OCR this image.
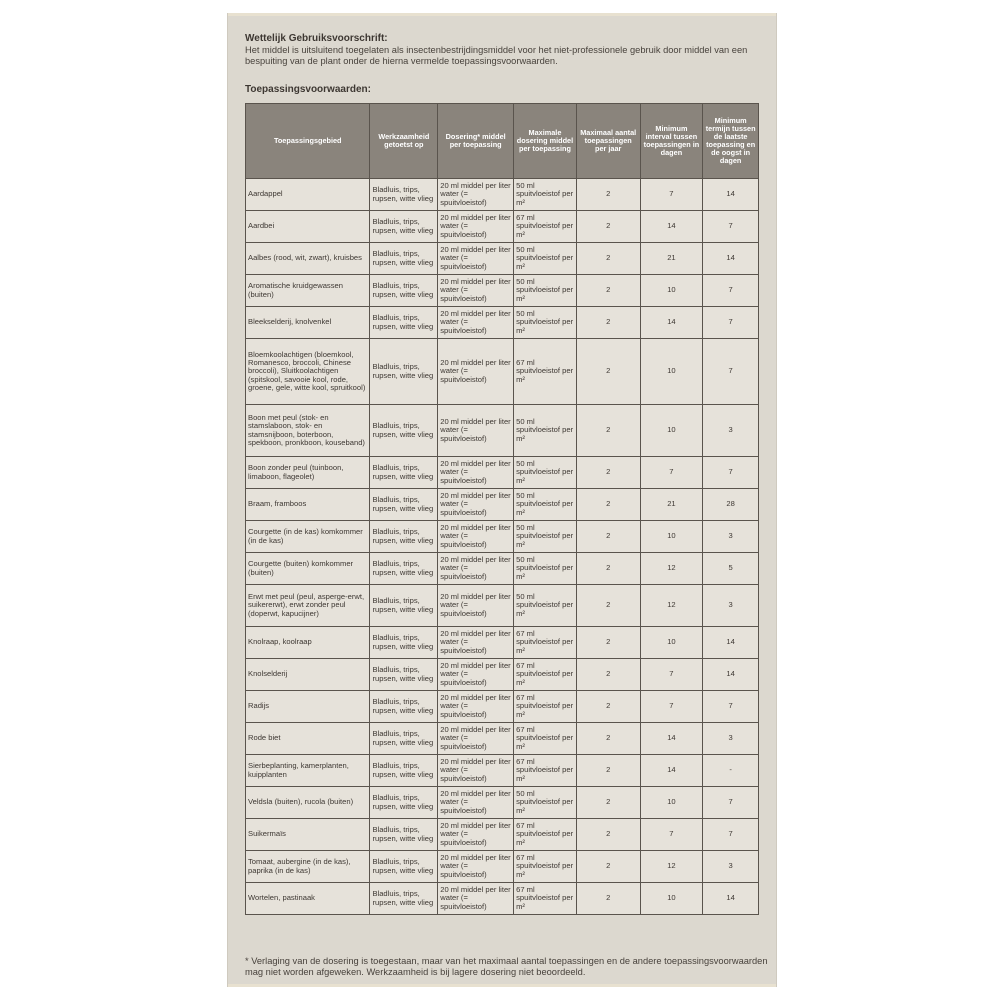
Wettelijk Gebruiksvoorschrift:

Het middel is uitsluitend toegelaten als insectenbestrijdingsmiddel voor het niet-professionele gebruik door middel van een bespuiting van de plant onder de hierna vermelde toepassingsvoorwaarden.

Toepassingsvoorwaarden:

Toepassingsgebied	Werkzaamheid getoetst op	Dosering* middel per toepassing	Maximale dosering middel per toepassing	Maximaal aantal toepassingen per jaar	Minimum interval tussen toepassingen in dagen	Minimum termijn tussen de laatste toepassing en de oogst in dagen
Aardappel	Bladluis, trips, rupsen, witte vlieg	20 ml middel per liter water (= spuitvloeistof)	50 ml spuitvloeistof per m²	2	7	14
Aardbei	Bladluis, trips, rupsen, witte vlieg	20 ml middel per liter water (= spuitvloeistof)	67 ml spuitvloeistof per m²	2	14	7
Aalbes (rood, wit, zwart), kruisbes	Bladluis, trips, rupsen, witte vlieg	20 ml middel per liter water (= spuitvloeistof)	50 ml spuitvloeistof per m²	2	21	14
Aromatische kruidgewassen (buiten)	Bladluis, trips, rupsen, witte vlieg	20 ml middel per liter water (= spuitvloeistof)	50 ml spuitvloeistof per m²	2	10	7
Bleekselderij, knolvenkel	Bladluis, trips, rupsen, witte vlieg	20 ml middel per liter water (= spuitvloeistof)	50 ml spuitvloeistof per m²	2	14	7
Bloemkoolachtigen (bloemkool, Romanesco, broccoli, Chinese broccoli), Sluitkoolachtigen (spitskool, savooie kool, rode, groene, gele, witte kool, spruitkool)	Bladluis, trips, rupsen, witte vlieg	20 ml middel per liter water (= spuitvloeistof)	67 ml spuitvloeistof per m²	2	10	7
Boon met peul (stok- en stamslaboon, stok- en stamsnijboon, boterboon, spekboon, pronkboon, kouseband)	Bladluis, trips, rupsen, witte vlieg	20 ml middel per liter water (= spuitvloeistof)	50 ml spuitvloeistof per m²	2	10	3
Boon zonder peul (tuinboon, limaboon, flageolet)	Bladluis, trips, rupsen, witte vlieg	20 ml middel per liter water (= spuitvloeistof)	50 ml spuitvloeistof per m²	2	7	7
Braam, framboos	Bladluis, trips, rupsen, witte vlieg	20 ml middel per liter water (= spuitvloeistof)	50 ml spuitvloeistof per m²	2	21	28
Courgette (in de kas) komkommer (in de kas)	Bladluis, trips, rupsen, witte vlieg	20 ml middel per liter water (= spuitvloeistof)	50 ml spuitvloeistof per m²	2	10	3
Courgette (buiten) komkommer (buiten)	Bladluis, trips, rupsen, witte vlieg	20 ml middel per liter water (= spuitvloeistof)	50 ml spuitvloeistof per m²	2	12	5
Erwt met peul (peul, asperge-erwt, suikererwt), erwt zonder peul (doperwt, kapucijner)	Bladluis, trips, rupsen, witte vlieg	20 ml middel per liter water (= spuitvloeistof)	50 ml spuitvloeistof per m²	2	12	3
Knolraap, koolraap	Bladluis, trips, rupsen, witte vlieg	20 ml middel per liter water (= spuitvloeistof)	67 ml spuitvloeistof per m²	2	10	14
Knolselderij	Bladluis, trips, rupsen, witte vlieg	20 ml middel per liter water (= spuitvloeistof)	67 ml spuitvloeistof per m²	2	7	14
Radijs	Bladluis, trips, rupsen, witte vlieg	20 ml middel per liter water (= spuitvloeistof)	67 ml spuitvloeistof per m²	2	7	7
Rode biet	Bladluis, trips, rupsen, witte vlieg	20 ml middel per liter water (= spuitvloeistof)	67 ml spuitvloeistof per m²	2	14	3
Sierbeplanting, kamerplanten, kuipplanten	Bladluis, trips, rupsen, witte vlieg	20 ml middel per liter water (= spuitvloeistof)	67 ml spuitvloeistof per m²	2	14	-
Veldsla (buiten), rucola (buiten)	Bladluis, trips, rupsen, witte vlieg	20 ml middel per liter water (= spuitvloeistof)	50 ml spuitvloeistof per m²	2	10	7
Suikermaïs	Bladluis, trips, rupsen, witte vlieg	20 ml middel per liter water (= spuitvloeistof)	67 ml spuitvloeistof per m²	2	7	7
Tomaat, aubergine (in de kas), paprika (in de kas)	Bladluis, trips, rupsen, witte vlieg	20 ml middel per liter water (= spuitvloeistof)	67 ml spuitvloeistof per m²	2	12	3
Wortelen, pastinaak	Bladluis, trips, rupsen, witte vlieg	20 ml middel per liter water (= spuitvloeistof)	67 ml spuitvloeistof per m²	2	10	14

* Verlaging van de dosering is toegestaan, maar van het maximaal aantal toepassingen en de andere toepassingsvoorwaarden mag niet worden afgeweken. Werkzaamheid is bij lagere dosering niet beoordeeld.
